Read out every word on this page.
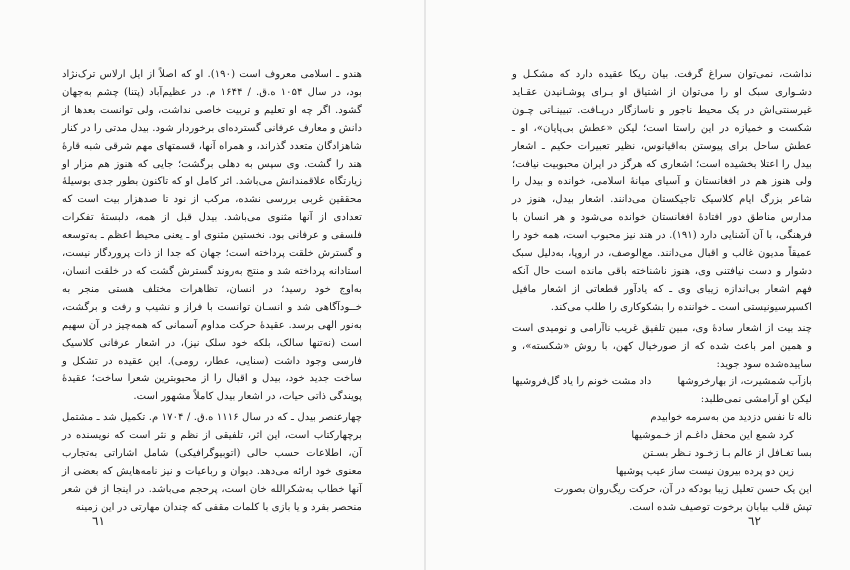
هندو ـ اسلامی معروف است (۱۹۰). او که اصلاً از ایل ارلاس ترک‌نژاد بود، در سال ۱۰۵۴ ه.ق. / ۱۶۴۴ م. در عظیم‌آباد (پتنا) چشم به‌جهان گشود. اگر چه او تعلیم و تربیت خاصی نداشت، ولی توانست بعدها از دانش و معارف عرفانی گسترده‌ای برخوردار شود. بیدل مدتی را در کنار شاهزادگان متعدد گذراند، و همراه آنها، قسمتهای مهم شرقی شبه قارهٔ هند را گشت. وی سپس به دهلی برگشت؛ جایی که هنوز هم مزار او زیارتگاه علاقمندانش می‌باشد. اثر کامل او که تاکنون بطور جدی بوسیلهٔ محققین غربی بررسی نشده، مرکب از نود تا صدهزار بیت است که تعدادی از آنها مثنوی می‌باشد. بیدل قبل از همه، دلبستهٔ تفکرات فلسفی و عرفانی بود. نخستین مثنوی او ـ یعنی محیط اعظم ـ به‌توسعه و گسترش خلقت پرداخته است؛ جهان که جدا از ذات پروردگار نیست، استادانه پرداخته شد و منتج به‌روند گسترش گشت که در خلقت انسان، به‌اوج خود رسید؛ در انسان، تظاهرات مختلف هستی منجر به خــودآگاهی شد و انسـان توانست با فراز و نشیب و رفت و برگشت، به‌نور الهی برسد. عقیدهٔ حرکت مداوم آسمانی که همه‌چیز در آن سهیم است (نه‌تنها سالک، بلکه خود سلک نیز)، در اشعار عرفانی کلاسیک فارسی وجود داشت (سنایی، عطار، رومی). این عقیده در تشکل و ساخت جدید خود، بیدل و اقبال را از محبوبترین شعرا ساخت؛ عقیدهٔ پویندگی ذاتی حیات، در اشعار بیدل کاملاً مشهور است.

چهارعنصر بیدل ـ که در سال ۱۱۱۶ ه.ق. / ۱۷۰۴ م. تکمیل شد ـ مشتمل برچهارکتاب است، این اثر، تلفیقی از نظم و نثر است که نویسنده در آن، اطلاعات حسب حالی (اتوبیوگرافیکی) شامل اشاراتی به‌تجارب معنوی خود ارائه می‌دهد. دیوان و رباعیات و نیز نامه‌هایش که بعضی از آنها خطاب به‌شکرالله خان است، پرحجم می‌باشد. در اینجا از فن شعر منحصر بفرد و یا بازی با کلمات مقفی که چندان مهارتی در این زمینه

٦١

نداشت، نمی‌توان سراغ گرفت. بیان ریکا عقیده دارد که مشکـل و دشـواری سبک او را می‌توان از اشتیاق او بـرای پوشـانیدن عقـاید غیرسنتی‌اش در یک محیط ناجور و ناسازگار دریـافت. تبیینـاتی چـون شکست و خمیازه در این راستا است؛ لیکن «عطش بی‌پایان»، او ـ عطش ساحل برای پیوستن به‌اقیانوس، نظیر تعبیرات حکیم ـ اشعار بیدل را اعتلا بخشیده است؛ اشعاری که هرگز در ایران محبوبیت نیافت؛ ولی هنوز هم در افغانستان و آسیای میانهٔ اسلامی، خوانده و بیدل را شاعر بزرگ ایام کلاسیک تاجیکستان می‌دانند. اشعار بیدل، هنوز در مدارس مناطق دور افتادهٔ افغانستان خوانده می‌شود و هر انسان با فرهنگی، با آن آشنایی دارد (۱۹۱). در هند نیز محبوب است، همه خود را عمیقاً مدیون غالب و اقبال می‌دانند. مع‌الوصف، در اروپا، به‌دلیل سبک دشوار و دست نیافتنی وی، هنوز ناشناخته باقی مانده است حال آنکه فهم اشعار بی‌اندازه زیبای وی ـ که یادآور قطعاتی از اشعار مافیل اکسپرسیونیستی است ـ خواننده را بشکوکاری را طلب می‌کند.

چند بیت از اشعار سادهٔ وی، مبین تلفیق غریب ناآرامی و نومیدی است و همین امر باعث شده که از صورخیال کهن، با روش «شکسته»، و ساییده‌شده سود جوید:

بازآب شمشیرت، از بهارخروشها
داد مشت خونم را یاد گل‌فروشیها
لیکن او آرامشی نمی‌طلبد:
ناله تا نفس دزدید من به‌سرمه خوابیدم
کرد شمع این محفل داغـم از خـموشیها
بسا تغـافل از عالم بـا زخـود نـظر بسـتن
زین دو پرده بیرون نیست ساز عیب پوشیها
این یک حسن تعلیل زیبا بودکه در آن، حرکت ریگ‌روان بصورت
تپش قلب بیابان برخوت توصیف شده است.
٦٢
